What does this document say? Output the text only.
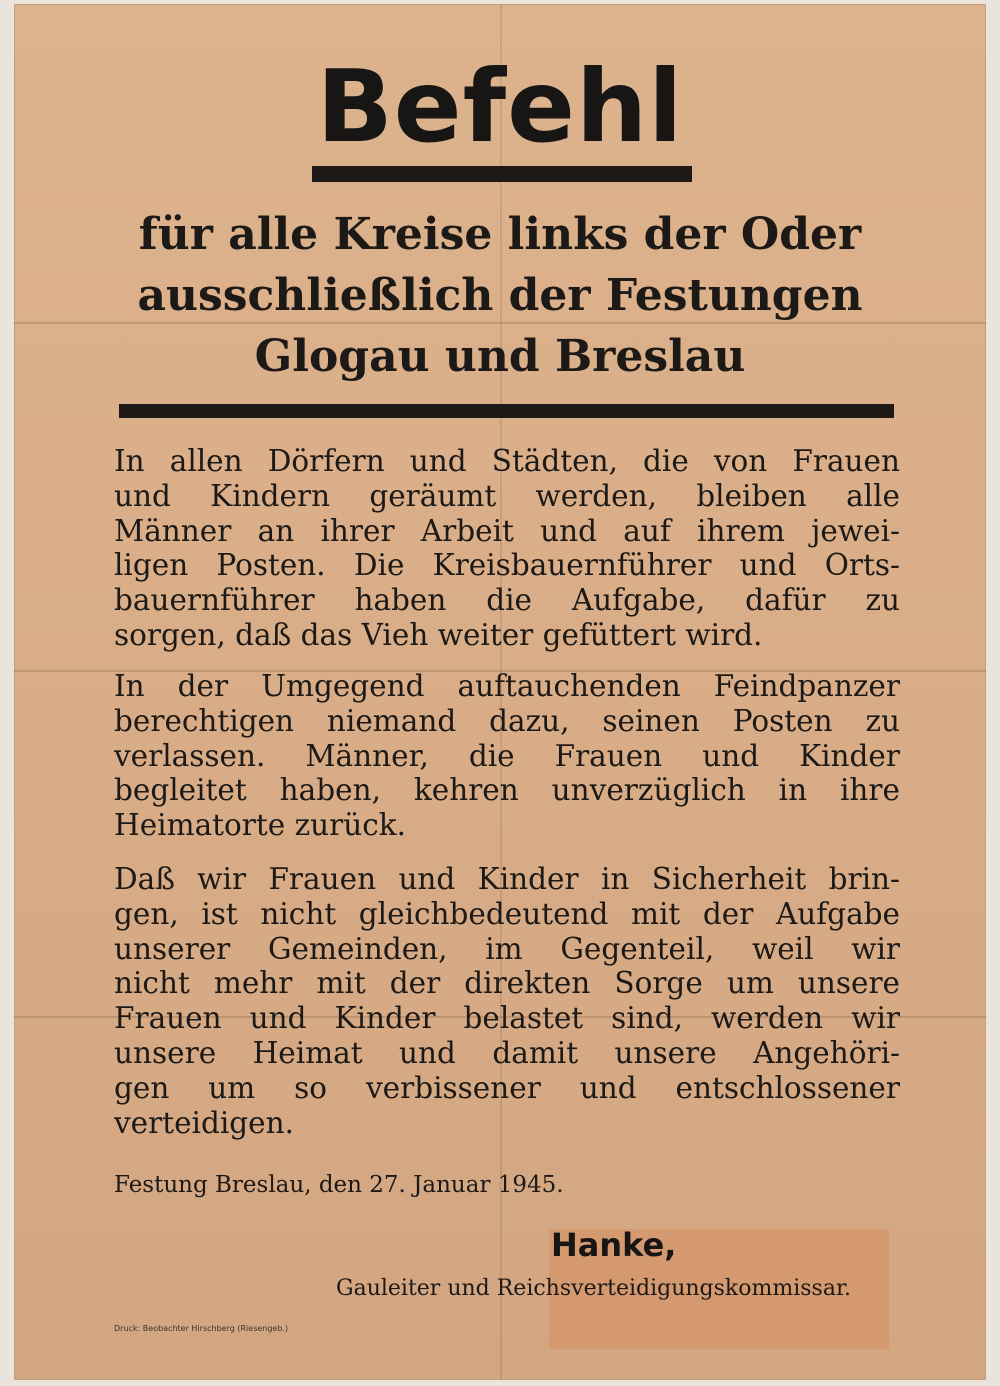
Befehl
für alle Kreise links der Oder
ausschließlich der Festungen
Glogau und Breslau
In allen Dörfern und Städten, die von Frauen
und Kindern geräumt werden, bleiben alle
Männer an ihrer Arbeit und auf ihrem jewei-
ligen Posten. Die Kreisbauernführer und Orts-
bauernführer haben die Aufgabe, dafür zu
sorgen, daß das Vieh weiter gefüttert wird.
In der Umgegend auftauchenden Feindpanzer
berechtigen niemand dazu, seinen Posten zu
verlassen. Männer, die Frauen und Kinder
begleitet haben, kehren unverzüglich in ihre
Heimatorte zurück.
Daß wir Frauen und Kinder in Sicherheit brin-
gen, ist nicht gleichbedeutend mit der Aufgabe
unserer Gemeinden, im Gegenteil, weil wir
nicht mehr mit der direkten Sorge um unsere
Frauen und Kinder belastet sind, werden wir
unsere Heimat und damit unsere Angehöri-
gen um so verbissener und entschlossener
verteidigen.
Festung Breslau, den 27. Januar 1945.
Hanke,
Gauleiter und Reichsverteidigungskommissar.
Druck: Beobachter Hirschberg (Riesengeb.)
